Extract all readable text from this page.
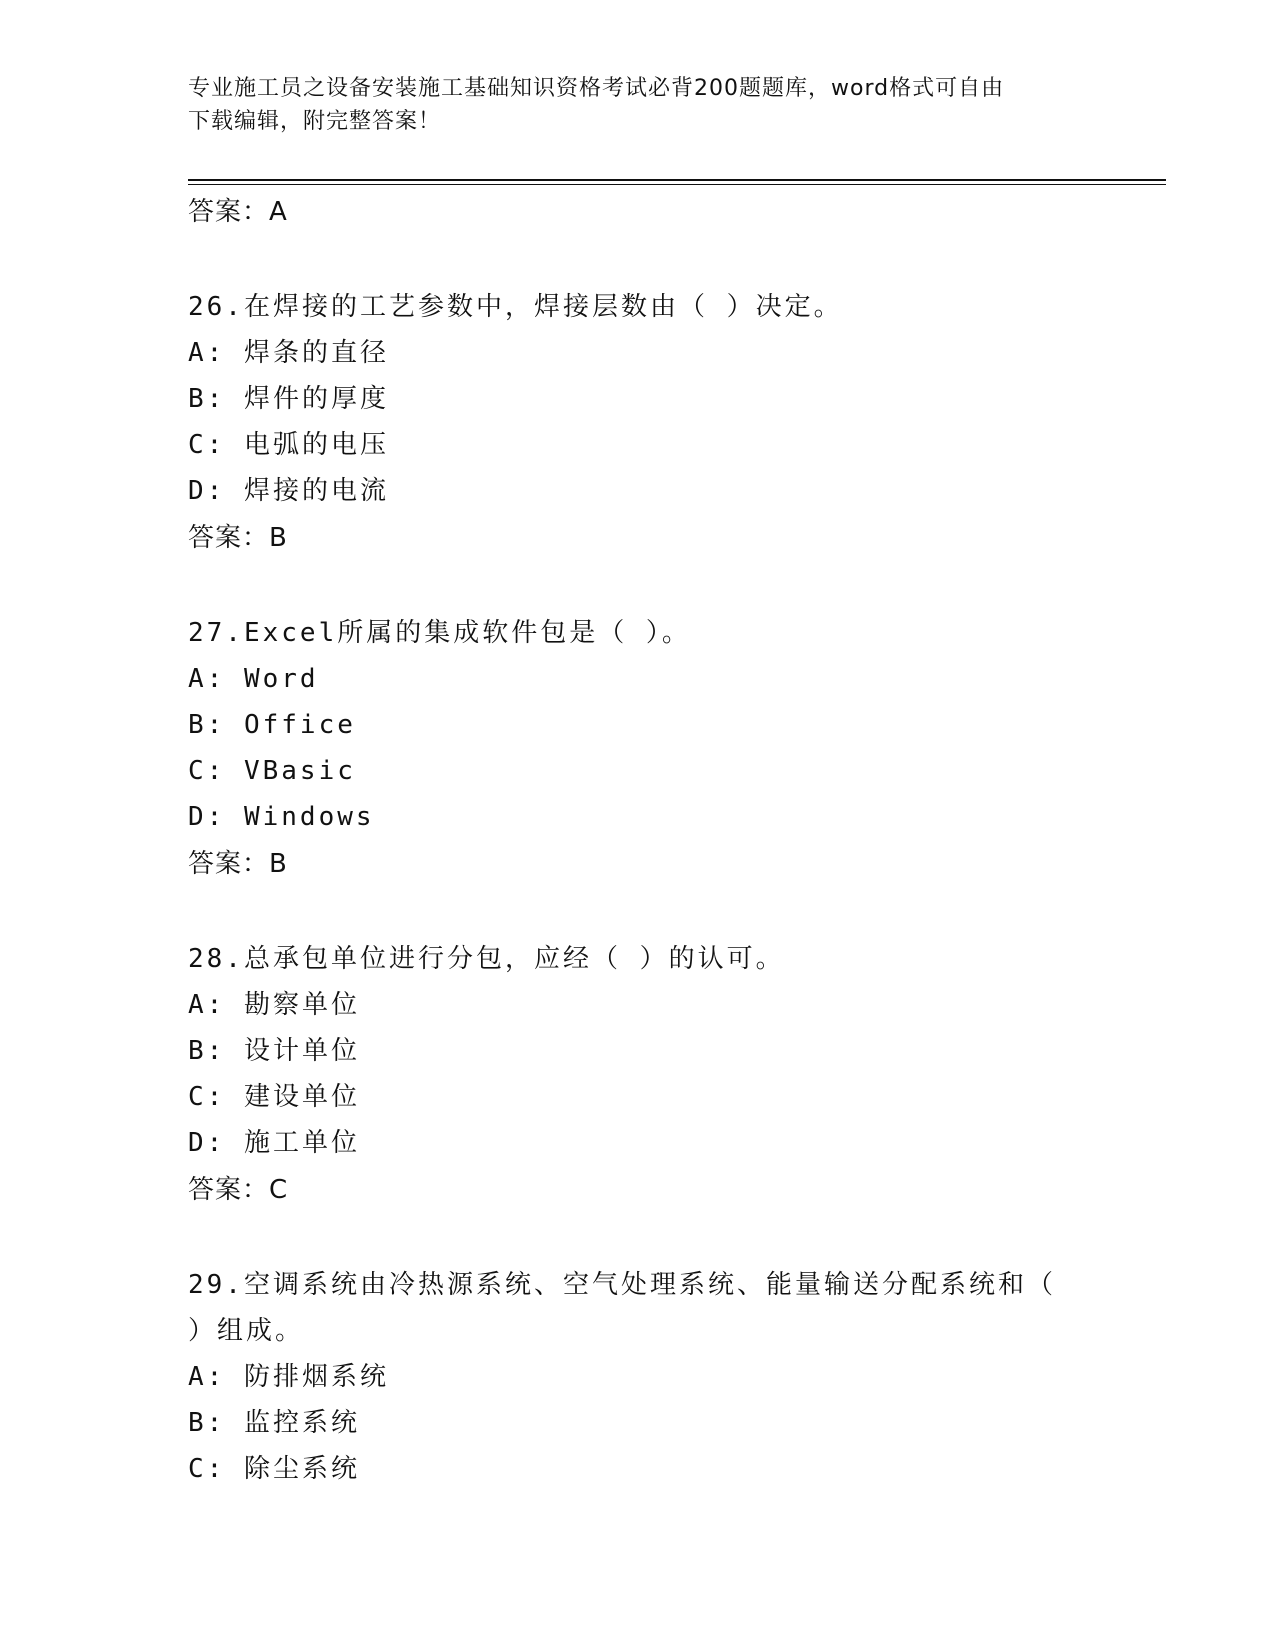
专业施工员之设备安装施工基础知识资格考试必背200题题库，word格式可自由
下载编辑，附完整答案！
答案：A
26.在焊接的工艺参数中，焊接层数由（ ）决定。
A: 焊条的直径
B: 焊件的厚度
C: 电弧的电压
D: 焊接的电流
答案：B
27.Excel所属的集成软件包是（ ）。
A: Word
B: Office
C: VBasic
D: Windows
答案：B
28.总承包单位进行分包，应经（ ）的认可。
A: 勘察单位
B: 设计单位
C: 建设单位
D: 施工单位
答案：C
29.空调系统由冷热源系统、空气处理系统、能量输送分配系统和（ ）组成。
A: 防排烟系统
B: 监控系统
C: 除尘系统
